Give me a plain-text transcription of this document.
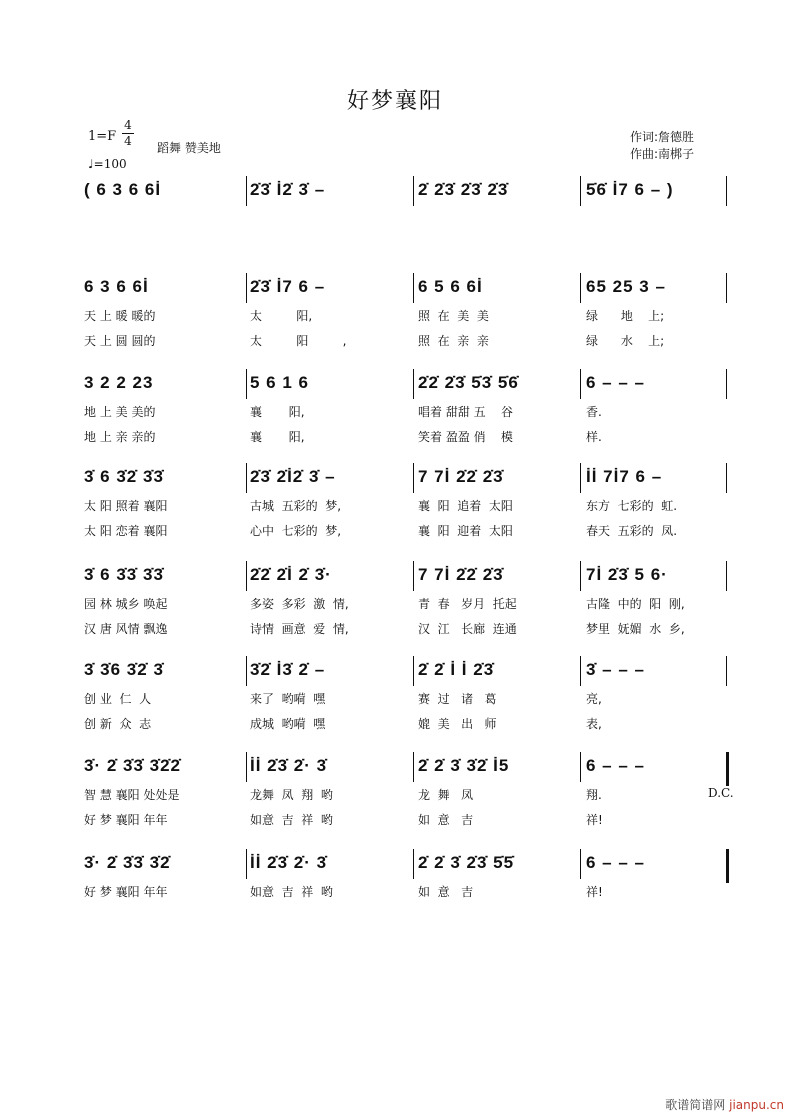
好梦襄阳
1=F
4
4 蹈舞 赞美地
♩=100
作词:詹德胜
作曲:南梆子
( 6 3 6 6İ	2̇3̇ İ2̇ 3̇ –	2̇ 2̇3̇ 2̇3̇ 2̇3̇	5̇6̇ İ7 6 – )
6 3 6 6İ	2̇3̇ İ7 6 –	6 5 6 6İ	65 25 3 –
天 上 暖 暖的	太         阳,	照  在  美  美	绿      地    上;
天 上 圆 圆的	太         阳         ,	照  在  亲  亲	绿      水    上;
3 2 2 23	5 6 1 6	2̇2̇ 2̇3̇ 5̇3̇ 5̇6̇	6 – – –
地 上 美 美的	襄       阳,	唱着 甜甜 五    谷	香.
地 上 亲 亲的	襄       阳,	笑着 盈盈 俏    模	样.
3̇ 6 3̇2̇ 3̇3̇	2̇3̇ 2̇İ2̇ 3̇ –	7 7İ 2̇2̇ 2̇3̇	İİ 7İ7 6 –
太 阳 照着 襄阳	古城  五彩的  梦,	襄  阳  追着  太阳	东方  七彩的  虹.
太 阳 恋着 襄阳	心中  七彩的  梦,	襄  阳  迎着  太阳	春天  五彩的  凤.
3̇ 6 3̇3̇ 3̇3̇	2̇2̇ 2̇İ 2̇ 3̇·	7 7İ 2̇2̇ 2̇3̇	7İ 2̇3̇ 5 6·
园 林 城乡 唤起	多姿  多彩  激  情,	青  春   岁月  托起	古隆  中的  阳  刚,
汉 唐 风情 飘逸	诗情  画意  爱  情,	汉  江   长廊  连通	梦里  妩媚  水  乡,
3̇ 3̇6 3̇2̇ 3̇	3̇2̇ İ3̇ 2̇ –	2̇ 2̇ İ İ 2̇3̇	3̇ – – –
创 业  仁  人	来了  哟嗬  嘿	赛  过   诸   葛	亮,
创 新  众  志	成城  哟嗬  嘿	媲  美   出   师	表,
3̇· 2̇ 3̇3̇ 3̇2̇2̇	İİ 2̇3̇ 2̇· 3̇	2̇ 2̇ 3̇ 3̇2̇ İ5	6 – – –
智 慧 襄阳 处处是	龙舞  凤  翔  哟	龙  舞   凤	翔.
好 梦 襄阳 年年	如意  吉  祥  哟	如  意   吉	祥!
D.C.
3̇· 2̇ 3̇3̇ 3̇2̇	İİ 2̇3̇ 2̇· 3̇	2̇ 2̇ 3̇ 2̇3̇ 5̇5̇	6 – – –
好 梦 襄阳 年年	如意  吉  祥  哟	如  意   吉	祥!
歌谱简谱网 jianpu.cn
